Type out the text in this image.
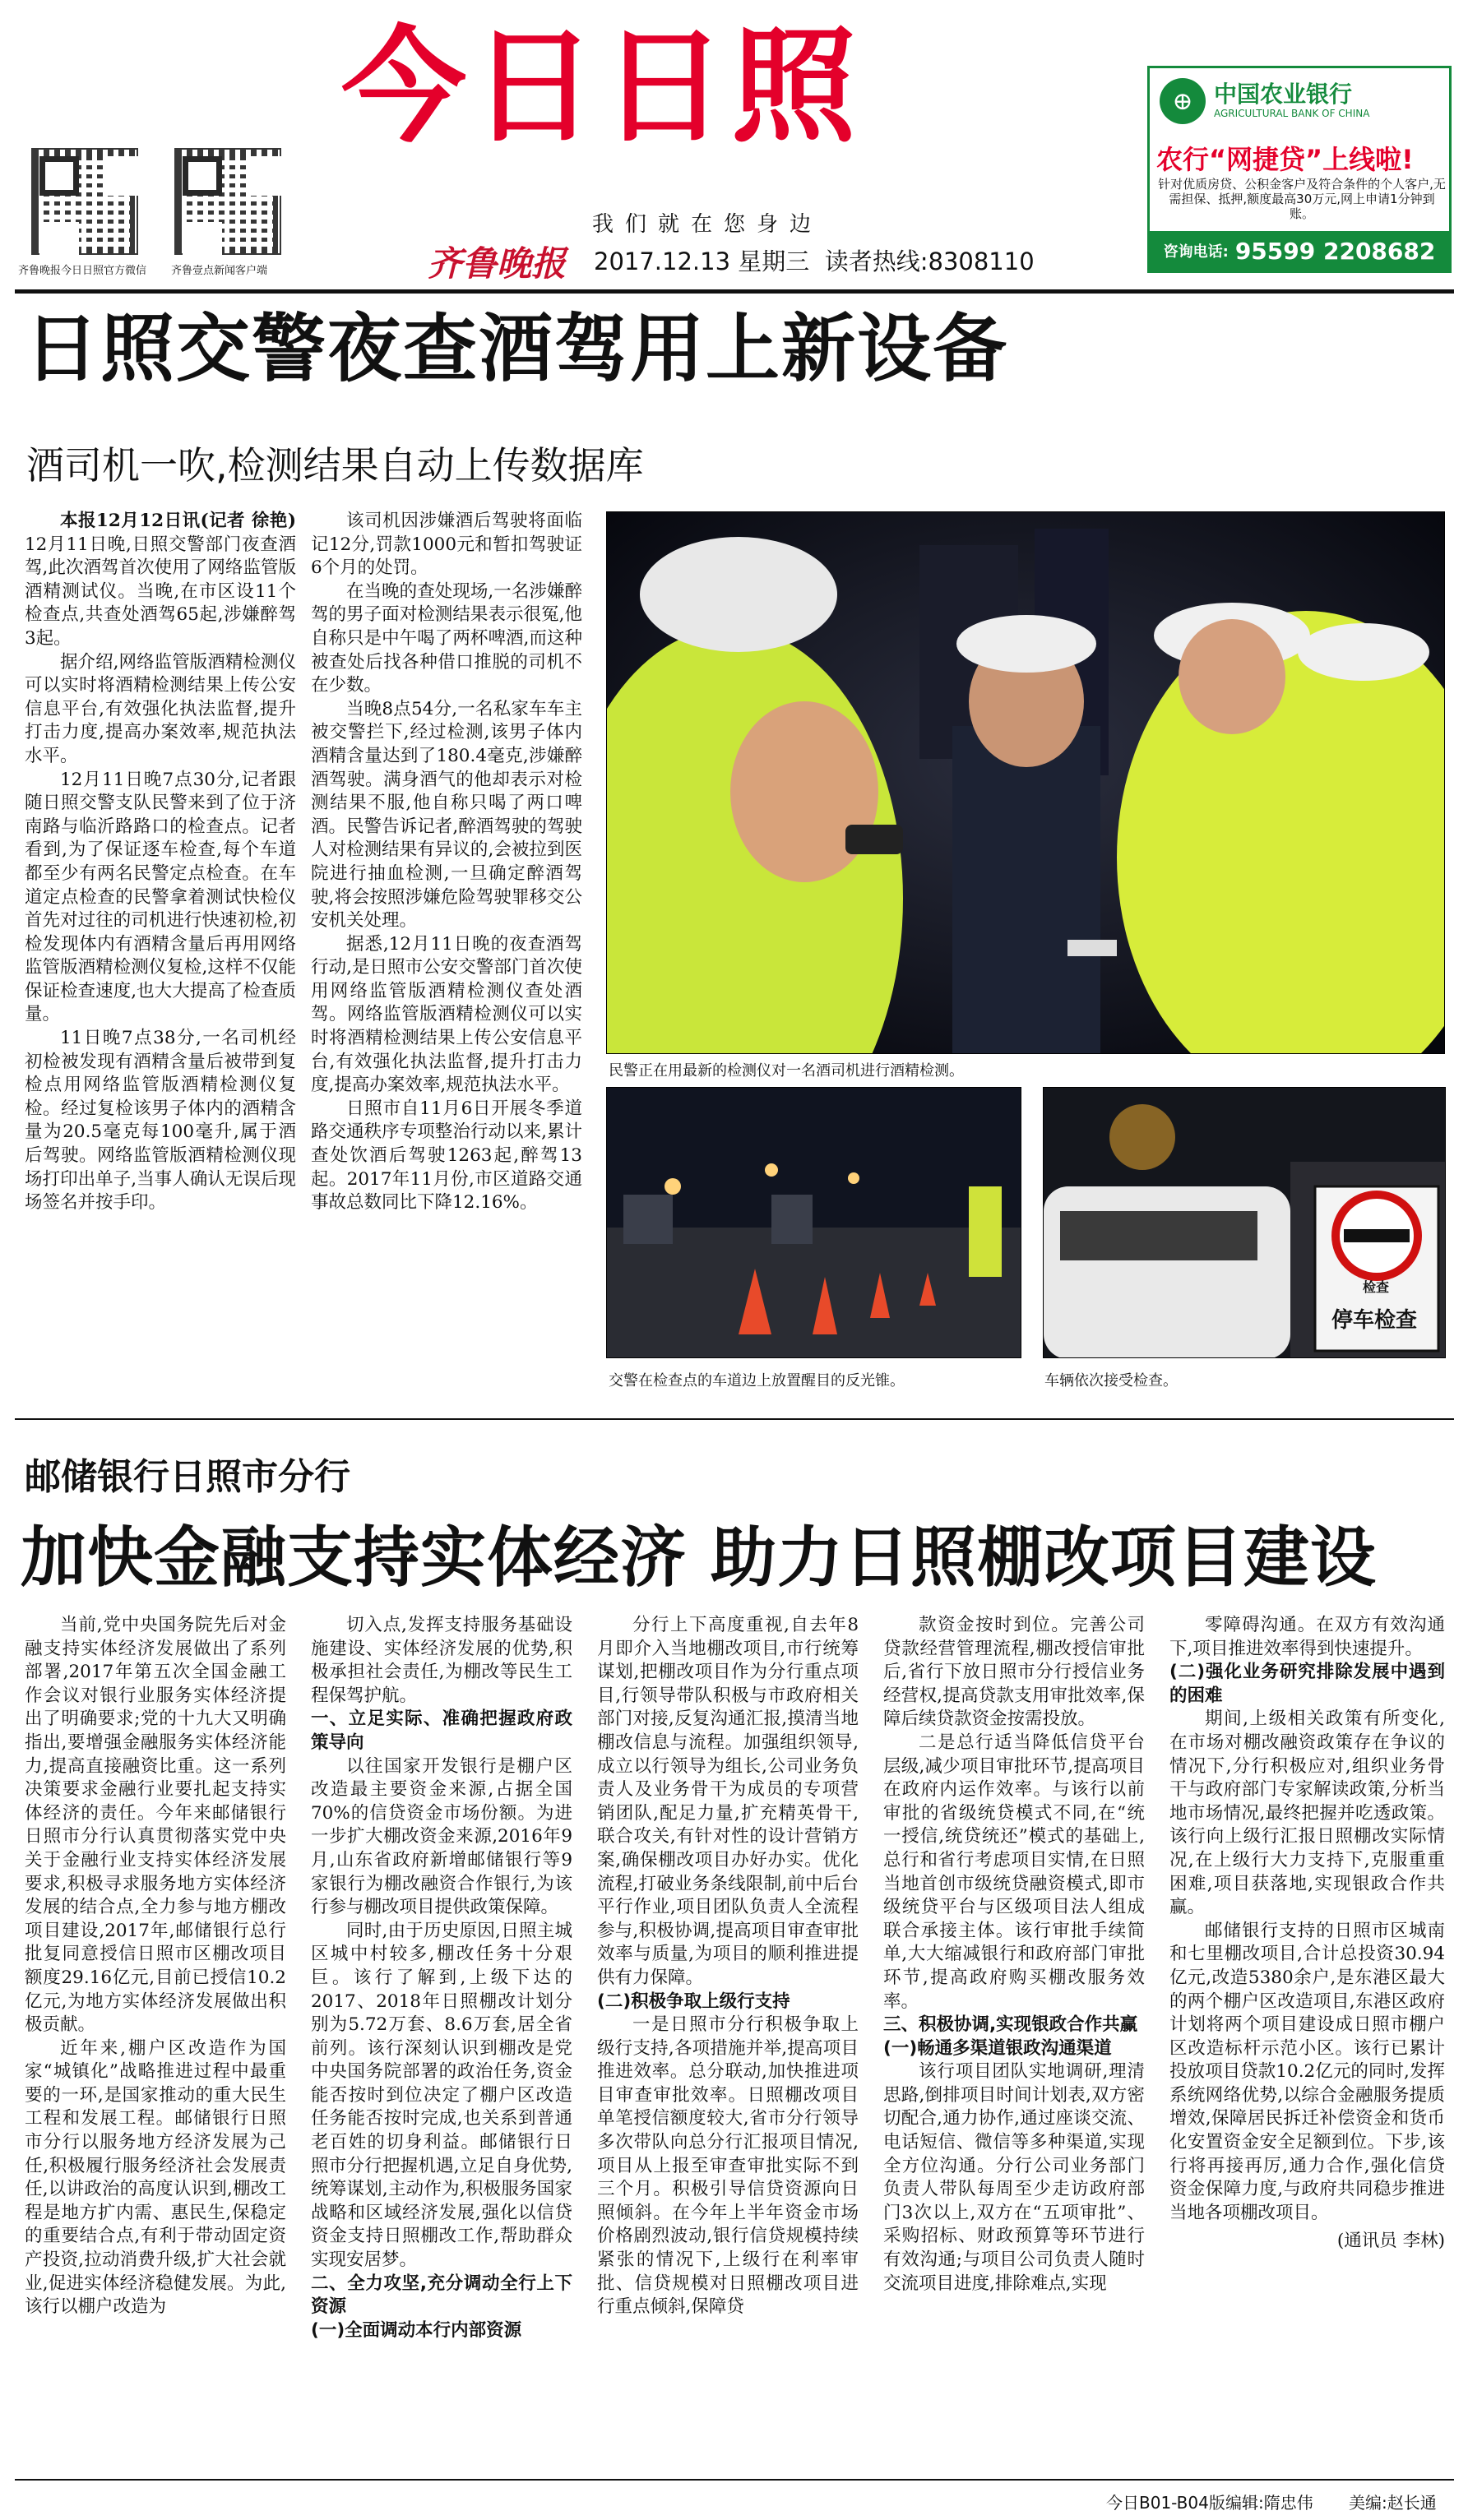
齐鲁晚报今日日照官方微信 齐鲁壹点新闻客户端
今日日照
我们就在您身边
齐鲁晚报 2017.12.13 星期三 读者热线:8308110
⊕ 中国农业银行
AGRICULTURAL BANK OF CHINA
农行“网捷贷”上线啦!
针对优质房贷、公积金客户及符合条件的个人客户,无需担保、抵押,额度最高30万元,网上申请1分钟到账。
咨询电话: 95599 2208682
日照交警夜查酒驾用上新设备
酒司机一吹,检测结果自动上传数据库

本报12月12日讯(记者 徐艳) 12月11日晚,日照交警部门夜查酒驾,此次酒驾首次使用了网络监管版酒精测试仪。当晚,在市区设11个检查点,共查处酒驾65起,涉嫌醉驾3起。

据介绍,网络监管版酒精检测仪可以实时将酒精检测结果上传公安信息平台,有效强化执法监督,提升打击力度,提高办案效率,规范执法水平。

12月11日晚7点30分,记者跟随日照交警支队民警来到了位于济南路与临沂路路口的检查点。记者看到,为了保证逐车检查,每个车道都至少有两名民警定点检查。在车道定点检查的民警拿着测试快检仪首先对过往的司机进行快速初检,初检发现体内有酒精含量后再用网络监管版酒精检测仪复检,这样不仅能保证检查速度,也大大提高了检查质量。

11日晚7点38分,一名司机经初检被发现有酒精含量后被带到复检点用网络监管版酒精检测仪复检。经过复检该男子体内的酒精含量为20.5毫克每100毫升,属于酒后驾驶。网络监管版酒精检测仪现场打印出单子,当事人确认无误后现场签名并按手印。

该司机因涉嫌酒后驾驶将面临记12分,罚款1000元和暂扣驾驶证6个月的处罚。

在当晚的查处现场,一名涉嫌醉驾的男子面对检测结果表示很冤,他自称只是中午喝了两杯啤酒,而这种被查处后找各种借口推脱的司机不在少数。

当晚8点54分,一名私家车车主被交警拦下,经过检测,该男子体内酒精含量达到了180.4毫克,涉嫌醉酒驾驶。满身酒气的他却表示对检测结果不服,他自称只喝了两口啤酒。民警告诉记者,醉酒驾驶的驾驶人对检测结果有异议的,会被拉到医院进行抽血检测,一旦确定醉酒驾驶,将会按照涉嫌危险驾驶罪移交公安机关处理。

据悉,12月11日晚的夜查酒驾行动,是日照市公安交警部门首次使用网络监管版酒精检测仪查处酒驾。网络监管版酒精检测仪可以实时将酒精检测结果上传公安信息平台,有效强化执法监督,提升打击力度,提高办案效率,规范执法水平。

日照市自11月6日开展冬季道路交通秩序专项整治行动以来,累计查处饮酒后驾驶1263起,醉驾13起。2017年11月份,市区道路交通事故总数同比下降12.16%。

民警正在用最新的检测仪对一名酒司机进行酒精检测。
交警在检查点的车道边上放置醒目的反光锥。
检查
停车检查
车辆依次接受检查。
邮储银行日照市分行
加快金融支持实体经济 助力日照棚改项目建设

当前,党中央国务院先后对金融支持实体经济发展做出了系列部署,2017年第五次全国金融工作会议对银行业服务实体经济提出了明确要求;党的十九大又明确指出,要增强金融服务实体经济能力,提高直接融资比重。这一系列决策要求金融行业要扎起支持实体经济的责任。今年来邮储银行日照市分行认真贯彻落实党中央关于金融行业支持实体经济发展要求,积极寻求服务地方实体经济发展的结合点,全力参与地方棚改项目建设,2017年,邮储银行总行批复同意授信日照市区棚改项目额度29.16亿元,目前已授信10.2亿元,为地方实体经济发展做出积极贡献。

近年来,棚户区改造作为国家“城镇化”战略推进过程中最重要的一环,是国家推动的重大民生工程和发展工程。邮储银行日照市分行以服务地方经济发展为己任,积极履行服务经济社会发展责任,以讲政治的高度认识到,棚改工程是地方扩内需、惠民生,保稳定的重要结合点,有利于带动固定资产投资,拉动消费升级,扩大社会就业,促进实体经济稳健发展。为此,该行以棚户改造为

切入点,发挥支持服务基础设施建设、实体经济发展的优势,积极承担社会责任,为棚改等民生工程保驾护航。

一、立足实际、准确把握政府政策导向

以往国家开发银行是棚户区改造最主要资金来源,占据全国70%的信贷资金市场份额。为进一步扩大棚改资金来源,2016年9月,山东省政府新增邮储银行等9家银行为棚改融资合作银行,为该行参与棚改项目提供政策保障。

同时,由于历史原因,日照主城区城中村较多,棚改任务十分艰巨。该行了解到,上级下达的2017、2018年日照棚改计划分别为5.72万套、8.6万套,居全省前列。该行深刻认识到棚改是党中央国务院部署的政治任务,资金能否按时到位决定了棚户区改造任务能否按时完成,也关系到普通老百姓的切身利益。邮储银行日照市分行把握机遇,立足自身优势,统筹谋划,主动作为,积极服务国家战略和区域经济发展,强化以信贷资金支持日照棚改工作,帮助群众实现安居梦。

二、全力攻坚,充分调动全行上下资源
(一)全面调动本行内部资源

分行上下高度重视,自去年8月即介入当地棚改项目,市行统筹谋划,把棚改项目作为分行重点项目,行领导带队积极与市政府相关部门对接,反复沟通汇报,摸清当地棚改信息与流程。加强组织领导,成立以行领导为组长,公司业务负责人及业务骨干为成员的专项营销团队,配足力量,扩充精英骨干,联合攻关,有针对性的设计营销方案,确保棚改项目办好办实。优化流程,打破业务条线限制,前中后台平行作业,项目团队负责人全流程参与,积极协调,提高项目审查审批效率与质量,为项目的顺利推进提供有力保障。

(二)积极争取上级行支持

一是日照市分行积极争取上级行支持,各项措施并举,提高项目推进效率。总分联动,加快推进项目审查审批效率。日照棚改项目单笔授信额度较大,省市分行领导多次带队向总分行汇报项目情况,项目从上报至审查审批实际不到三个月。积极引导信贷资源向日照倾斜。在今年上半年资金市场价格剧烈波动,银行信贷规模持续紧张的情况下,上级行在利率审批、信贷规模对日照棚改项目进行重点倾斜,保障贷

款资金按时到位。完善公司贷款经营管理流程,棚改授信审批后,省行下放日照市分行授信业务经营权,提高贷款支用审批效率,保障后续贷款资金按需投放。

二是总行适当降低信贷平台层级,减少项目审批环节,提高项目在政府内运作效率。与该行以前审批的省级统贷模式不同,在“统一授信,统贷统还”模式的基础上,总行和省行考虑项目实情,在日照当地首创市级统贷融资模式,即市级统贷平台与区级项目法人组成联合承接主体。该行审批手续简单,大大缩减银行和政府部门审批环节,提高政府购买棚改服务效率。

三、积极协调,实现银政合作共赢
(一)畅通多渠道银政沟通渠道

该行项目团队实地调研,理清思路,倒排项目时间计划表,双方密切配合,通力协作,通过座谈交流、电话短信、微信等多种渠道,实现全方位沟通。分行公司业务部门负责人带队每周至少走访政府部门3次以上,双方在“五项审批”、采购招标、财政预算等环节进行有效沟通;与项目公司负责人随时交流项目进度,排除难点,实现

零障碍沟通。在双方有效沟通下,项目推进效率得到快速提升。

(二)强化业务研究排除发展中遇到的困难

期间,上级相关政策有所变化,在市场对棚改融资政策存在争议的情况下,分行积极应对,组织业务骨干与政府部门专家解读政策,分析当地市场情况,最终把握并吃透政策。该行向上级行汇报日照棚改实际情况,在上级行大力支持下,克服重重困难,项目获落地,实现银政合作共赢。

邮储银行支持的日照市区城南和七里棚改项目,合计总投资30.94亿元,改造5380余户,是东港区最大的两个棚户区改造项目,东港区政府计划将两个项目建设成日照市棚户区改造标杆示范小区。该行已累计投放项目贷款10.2亿元的同时,发挥系统网络优势,以综合金融服务提质增效,保障居民拆迁补偿资金和货币化安置资金安全足额到位。下步,该行将再接再厉,通力合作,强化信贷资金保障力度,与政府共同稳步推进当地各项棚改项目。

(通讯员 李林)
今日B01-B04版 编辑:隋忠伟 美编:赵长通
